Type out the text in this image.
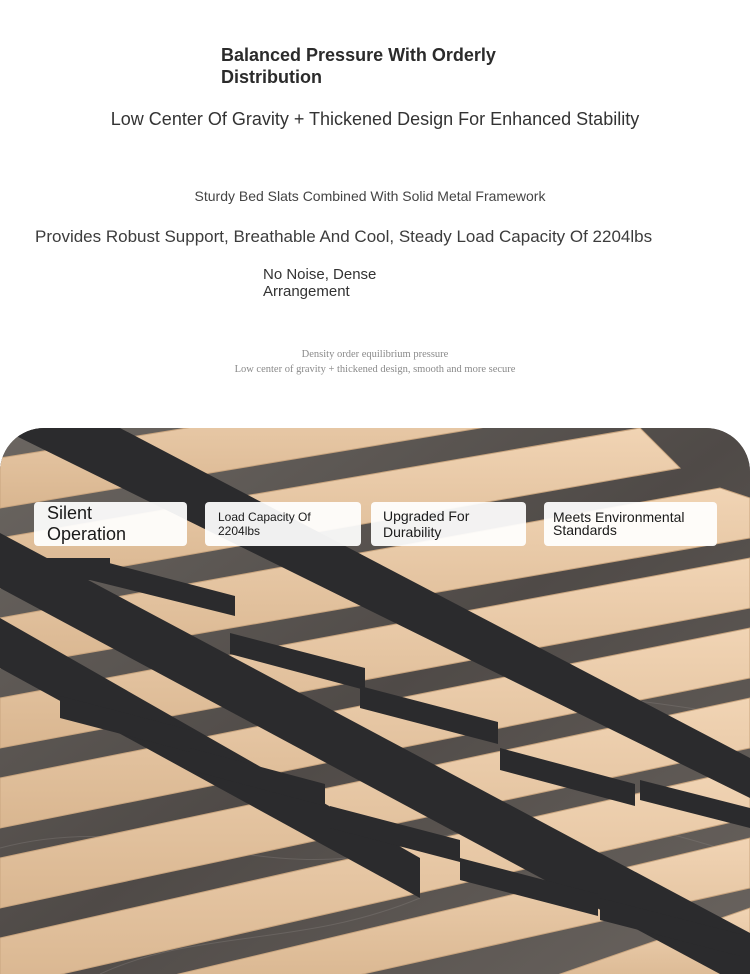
Balanced Pressure With Orderly Distribution

Low Center Of Gravity + Thickened Design For Enhanced Stability

Sturdy Bed Slats Combined With Solid Metal Framework

Provides Robust Support, Breathable And Cool, Steady Load Capacity Of 2204lbs

No Noise, Dense Arrangement

Density order equilibrium pressure
Low center of gravity + thickened design, smooth and more secure
Silent Operation
Load Capacity Of 2204lbs
Upgraded For Durability
Meets Environmental Standards
